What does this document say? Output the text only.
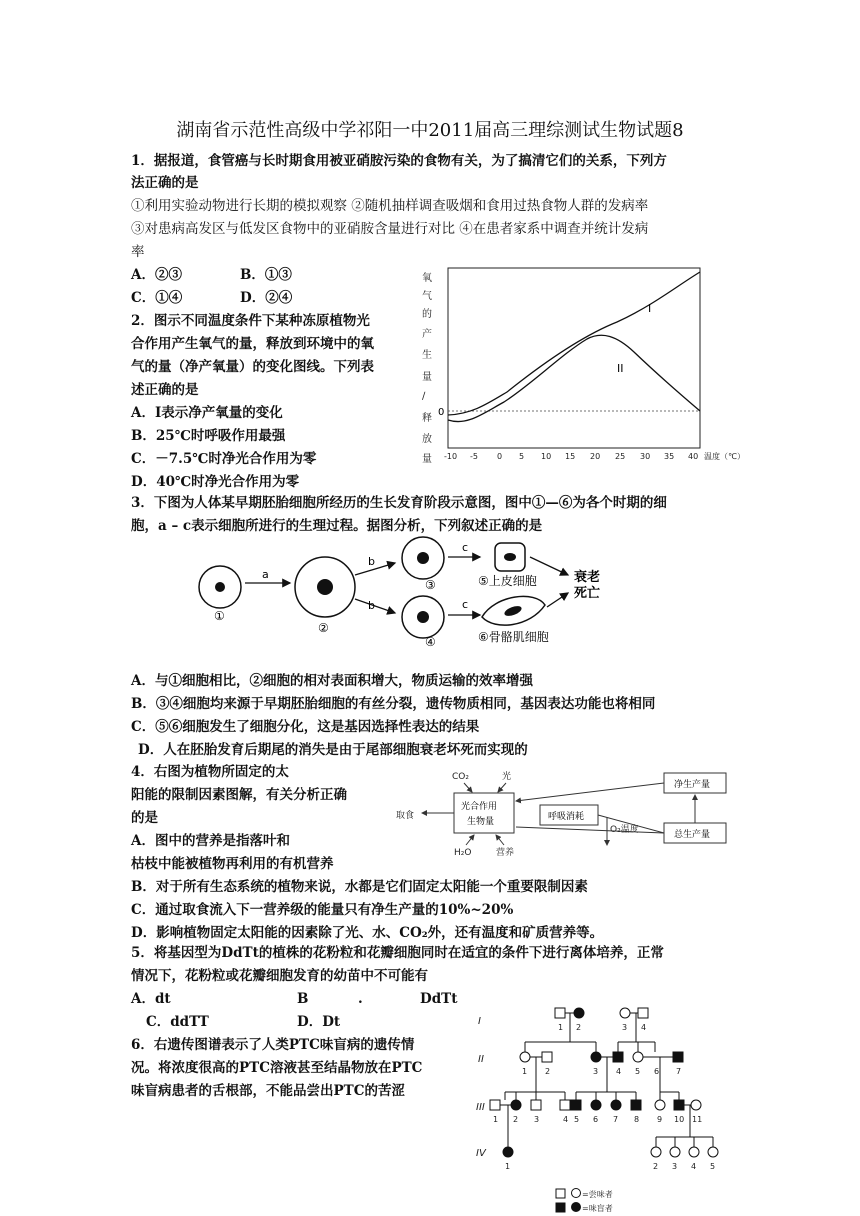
湖南省示范性高级中学祁阳一中2011届高三理综测试生物试题8
1．据报道，食管癌与长时期食用被亚硝胺污染的食物有关，为了搞清它们的关系，下列方
法正确的是
①利用实验动物进行长期的模拟观察 ②随机抽样调查吸烟和食用过热食物人群的发病率
③对患病高发区与低发区食物中的亚硝胺含量进行对比 ④在患者家系中调查并统计发病
率
A．②③	B．①③
C．①④	D．②④
2．图示不同温度条件下某种冻原植物光
合作用产生氧气的量，释放到环境中的氧
气的量（净产氧量）的变化图线。下列表
述正确的是
A．I表示净产氧量的变化
B．25℃时呼吸作用最强
C．－7.5℃时净光合作用为零
D．40℃时净光合作用为零
氧
气
的
产
生
量
∕
释
放
量
0
I
II
-10 -5 0 5 10 15 20 25 30 35 40 温度（℃）
3．下图为人体某早期胚胎细胞所经历的生长发育阶段示意图，图中①—⑥为各个时期的细
胞，a – c表示细胞所进行的生理过程。据图分析，下列叙述正确的是
①
a
②
b
b
③
④
c
c
⑤上皮细胞
⑥骨骼肌细胞
衰老
死亡
A．与①细胞相比，②细胞的相对表面积增大，物质运输的效率增强
B．③④细胞均来源于早期胚胎细胞的有丝分裂，遗传物质相同，基因表达功能也将相同
C．⑤⑥细胞发生了细胞分化，这是基因选择性表达的结果
D．人在胚胎发育后期尾的消失是由于尾部细胞衰老坏死而实现的
4．右图为植物所固定的太
阳能的限制因素图解，有关分析正确
的是
A．图中的营养是指落叶和
枯枝中能被植物再利用的有机营养
B．对于所有生态系统的植物来说，水都是它们固定太阳能一个重要限制因素
C．通过取食流入下一营养级的能量只有净生产量的10%~20%
D．影响植物固定太阳能的因素除了光、水、CO₂外，还有温度和矿质营养等。
CO₂	光
取食
H₂O	营养
O₂温度
光合作用
生物量	呼吸消耗
净生产量
总生产量
5．将基因型为DdTt的植株的花粉粒和花瓣细胞同时在适宜的条件下进行离体培养，正常
情况下，花粉粒或花瓣细胞发育的幼苗中不可能有
A．dt	B	.	DdTt
C．ddTT	D．Dt
6．右遗传图谱表示了人类PTC味盲病的遗传情
况。将浓度很高的PTC溶液甚至结晶物放在PTC
味盲病患者的舌根部，不能品尝出PTC的苦涩
I
II
III
IV
1 2	3 4
1 2	3 4 5 6 7
1 2 3	4 5 6 7 8 9 10 11
1	2 3 4 5
=尝味者
=味盲者
